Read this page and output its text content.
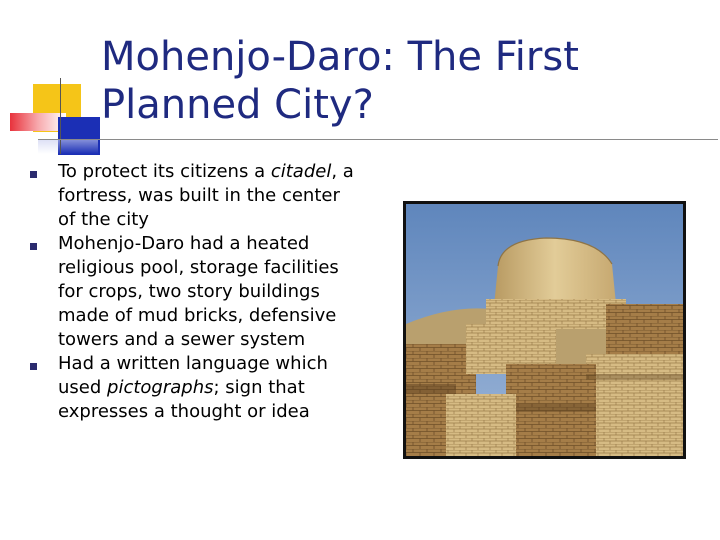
Mohenjo-Daro: The First
Planned City?
To protect its citizens a citadel, a fortress, was built in the center of the city
Mohenjo-Daro had a heated religious pool, storage facilities for crops, two story buildings made of mud bricks, defensive towers and a sewer system
Had a written language which used pictographs; sign that expresses a thought or idea
